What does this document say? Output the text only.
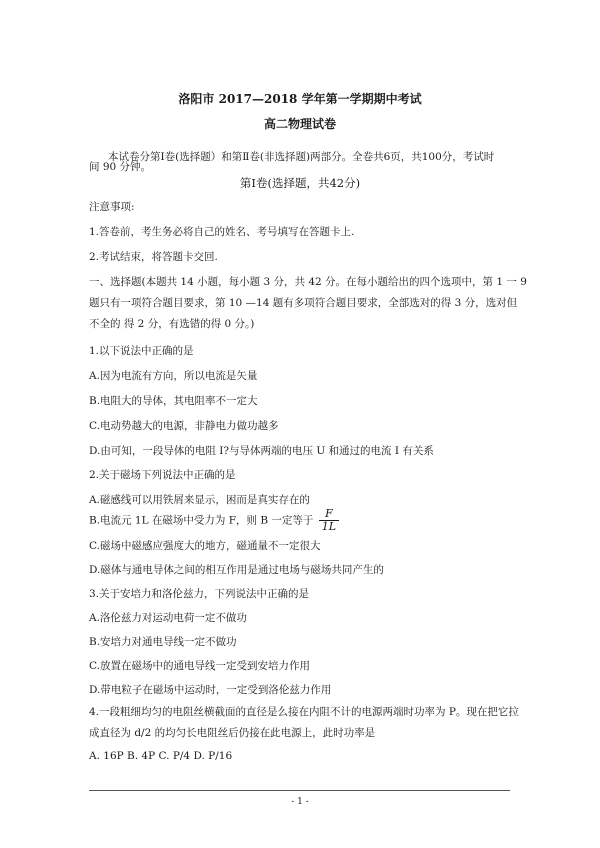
洛阳市 2017—2018 学年第一学期期中考试
高二物理试卷
本试卷分第Ⅰ卷(选择题）和第Ⅱ卷(非选择题)两部分。全卷共6页，共100分，考试时
间 90 分钟。
第Ⅰ卷(选择题，共42分)
注意事项:
1.答卷前，考生务必将自己的姓名、考号填写在答题卡上.
2.考试结束，将答题卡交回.
一、选择题(本题共 14 小题，每小题 3 分，共 42 分。在每小题给出的四个选项中，第 1 一 9
题只有一项符合题目要求，第 10 —14 题有多项符合题目要求，全部选对的得 3 分，选对但
不全的 得 2 分，有选错的得 0 分。)
1.以下说法中正确的是
A.因为电流有方向，所以电流是矢量
B.电阻大的导体，其电阻率不一定大
C.电动势越大的电源，非静电力做功越多
D.由可知，一段导体的电阻 I?与导体两端的电压 U 和通过的电流 I 有关系
2.关于磁场下列说法中正确的是
A.磁感线可以用铁屑来显示，困而是真实存在的
B.电流元 1L 在磁场中受力为 F，则 B 一定等于 $\frac{F}{1L}$
C.磁场中磁感应强度大的地方，磁通量不一定很大
D.磁体与通电导体之间的相互作用是通过电场与磁场共同产生的
3.关于安培力和洛伦兹力，下列说法中正确的是
A.洛伦兹力对运动电荷一定不做功
B.安培力对通电导线一定不做功
C.放置在磁场中的通电导线一定受到安培力作用
D.带电粒子在磁场中运动时，一定受到洛伦兹力作用
4.一段粗细均匀的电阻丝横截面的直径是么接在内阻不计的电源两端时功率为 P。现在把它拉
成直径为 d/2 的均匀长电阻丝后仍接在此电源上，此时功率是
A. 16P B. 4P C. P/4 D. P/16
- 1 -
